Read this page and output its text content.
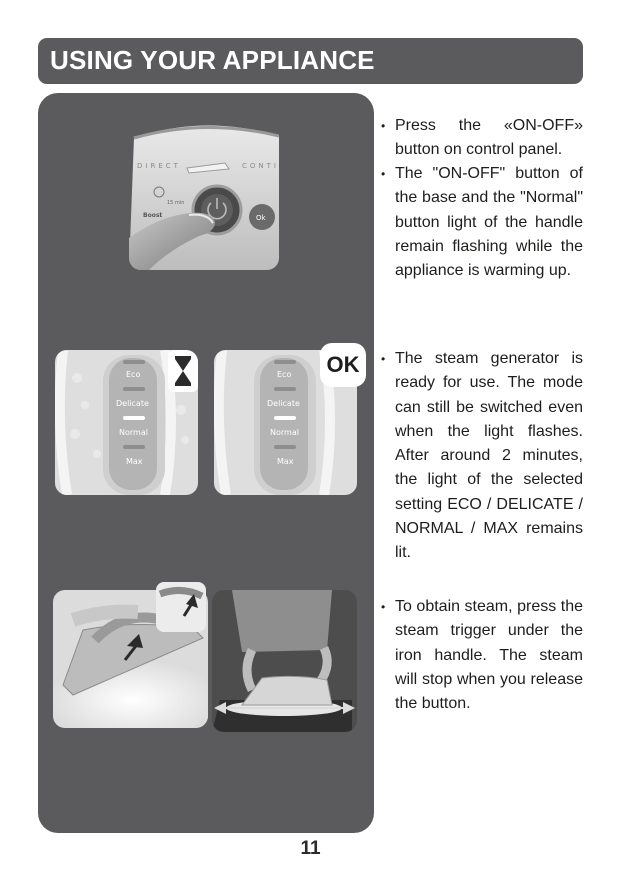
USING YOUR APPLIANCE
DIRECT	CONTI
15 min
Boost	Ok
Eco
Delicate
Normal
Max
Eco
Delicate
Normal
Max
OK
• Press the «ON-OFF» button on control panel.

• The "ON-OFF" button of the base and the "Normal" button light of the handle remain flashing while the appliance is warming up.

• The steam generator is ready for use. The mode can still be switched even when the light flashes. After around 2 minutes, the light of the selected setting ECO / DELICATE / NORMAL / MAX remains lit.

• To obtain steam, press the steam trigger under the iron handle. The steam will stop when you release the button.

11
